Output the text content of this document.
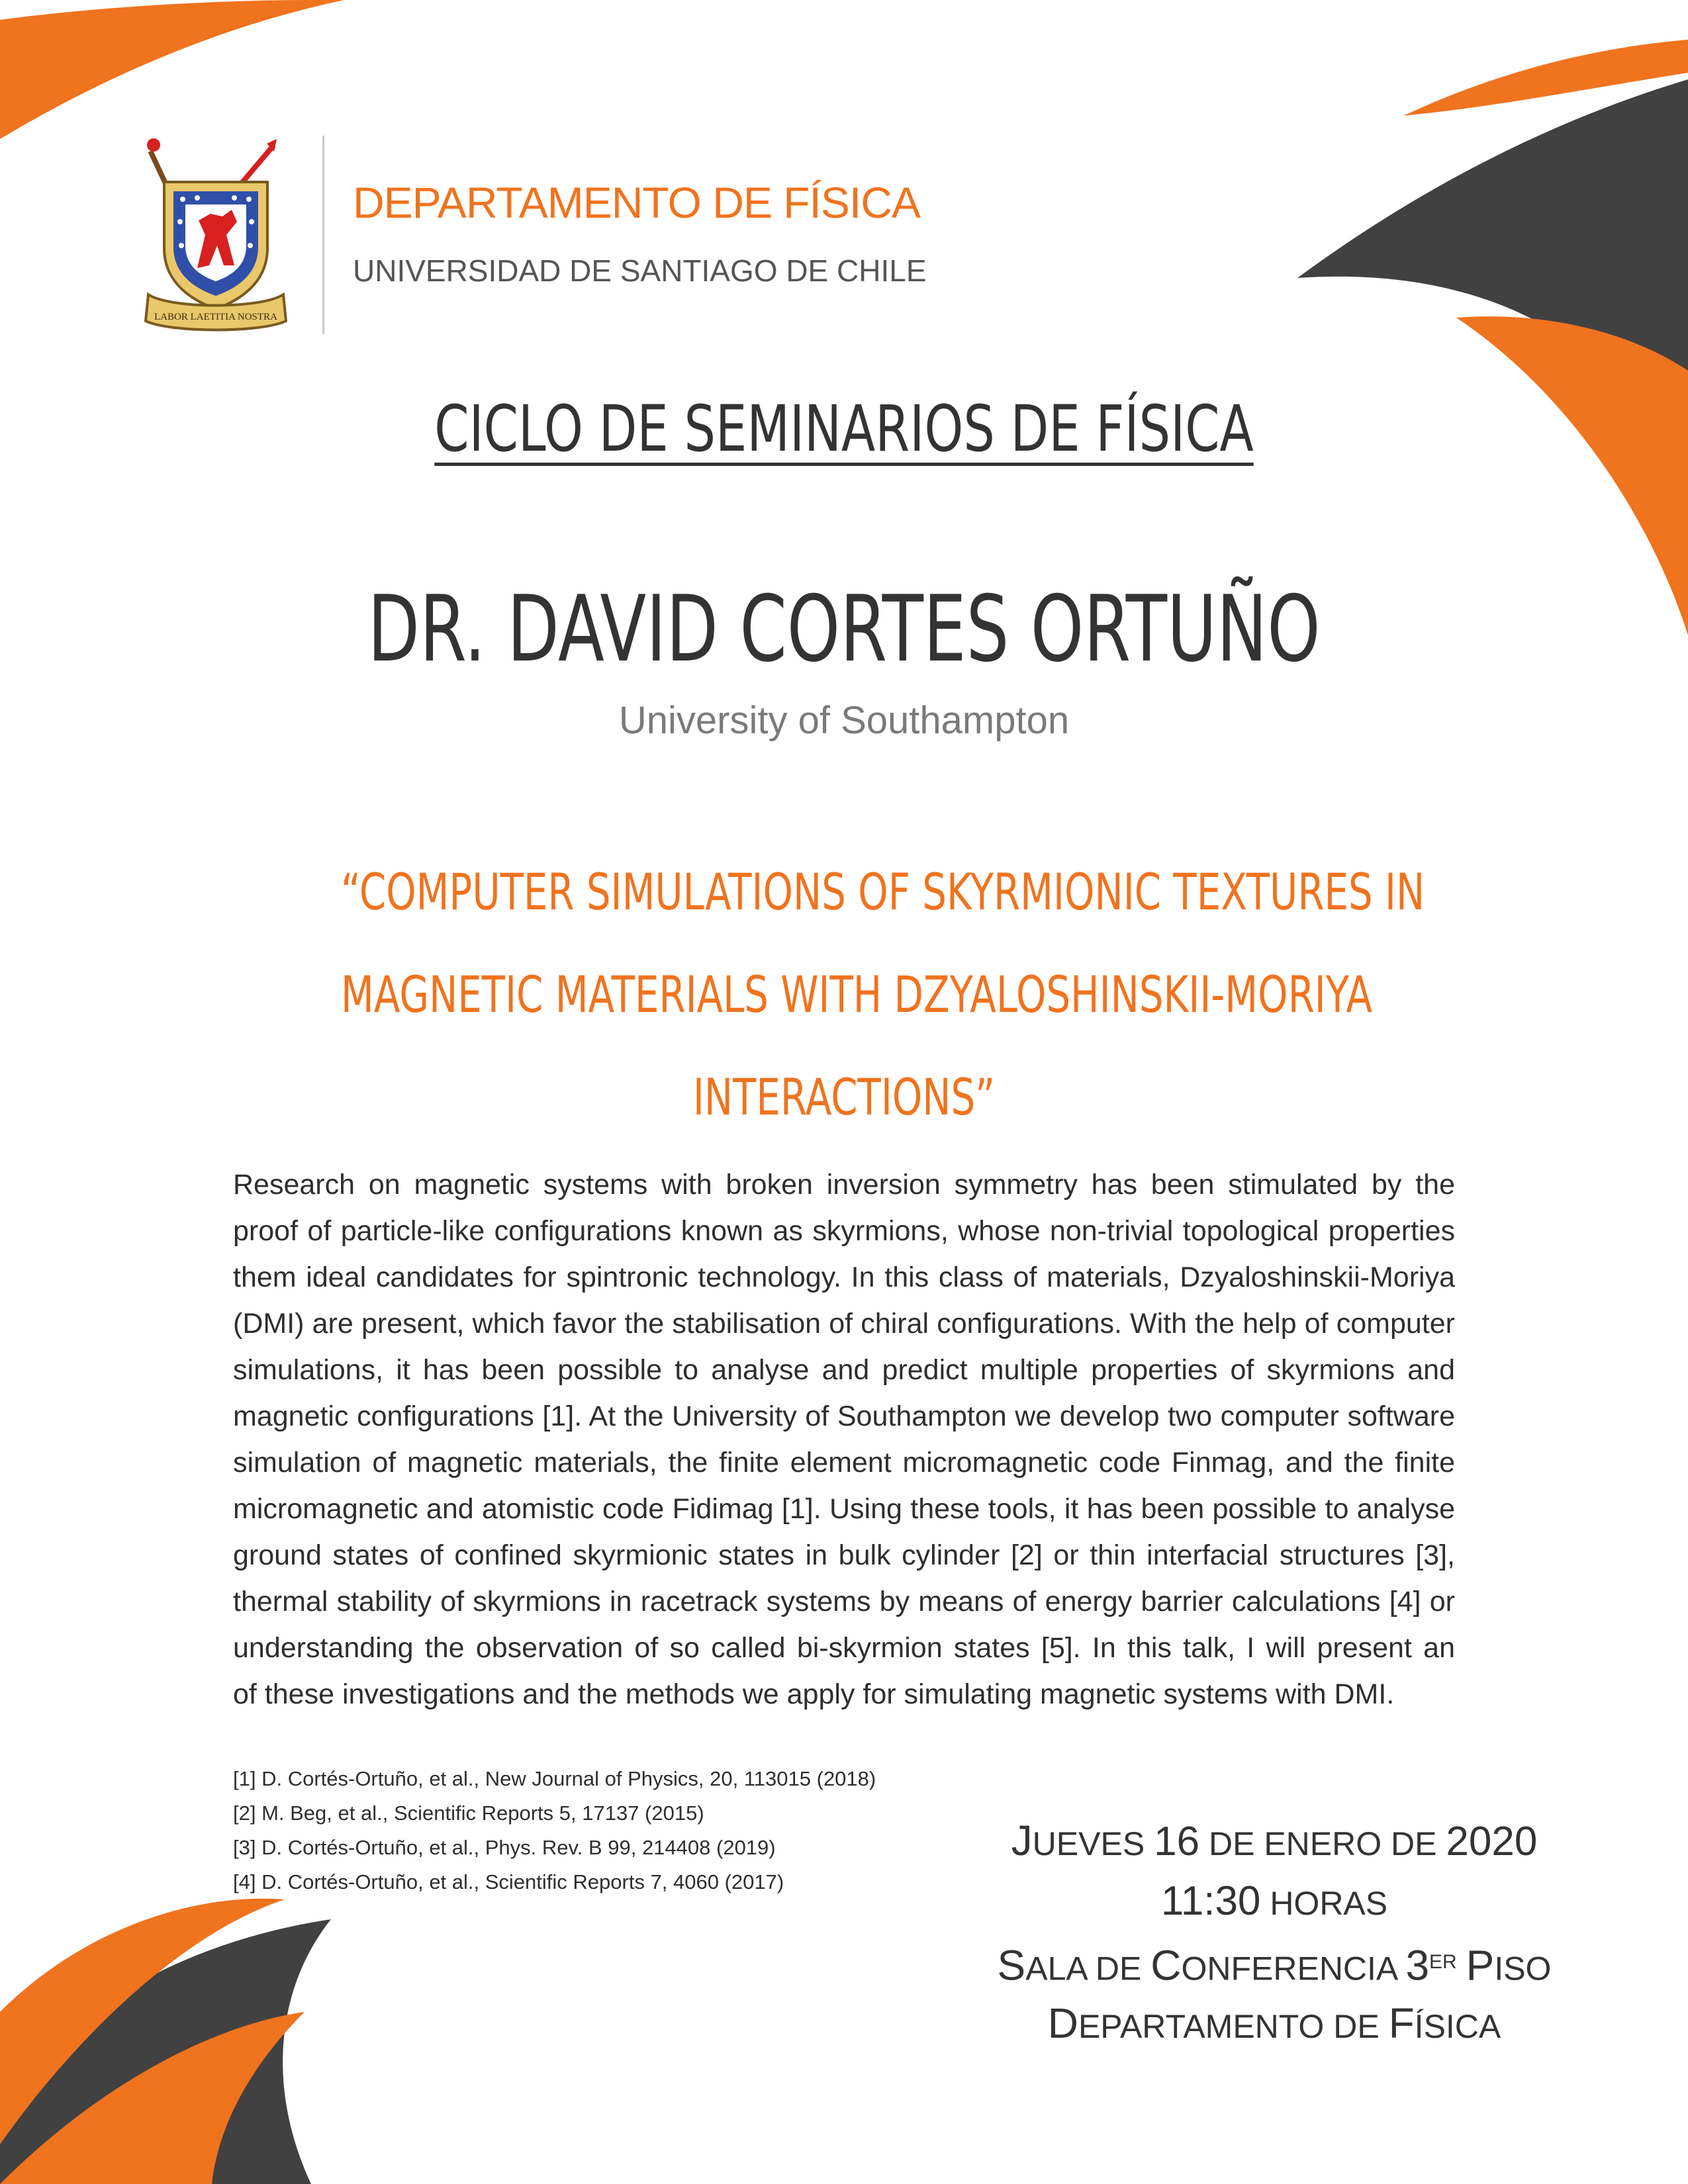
LABOR LAETITIA NOSTRA
DEPARTAMENTO DE FÍSICA
UNIVERSIDAD DE SANTIAGO DE CHILE
CICLO DE SEMINARIOS DE FÍSICA
DR. DAVID CORTES ORTUÑO
University of Southampton
“COMPUTER SIMULATIONS OF SKYRMIONIC TEXTURES IN
MAGNETIC MATERIALS WITH DZYALOSHINSKII-MORIYA
INTERACTIONS”
Research on magnetic systems with broken inversion symmetry has been stimulated by the
proof of particle-like configurations known as skyrmions, whose non-trivial topological properties
them ideal candidates for spintronic technology. In this class of materials, Dzyaloshinskii-Moriya
(DMI) are present, which favor the stabilisation of chiral configurations. With the help of computer
simulations, it has been possible to analyse and predict multiple properties of skyrmions and
magnetic configurations [1]. At the University of Southampton we develop two computer software
simulation of magnetic materials, the finite element micromagnetic code Finmag, and the finite
micromagnetic and atomistic code Fidimag [1]. Using these tools, it has been possible to analyse
ground states of confined skyrmionic states in bulk cylinder [2] or thin interfacial structures [3],
thermal stability of skyrmions in racetrack systems by means of energy barrier calculations [4] or
understanding the observation of so called bi-skyrmion states [5]. In this talk, I will present an
of these investigations and the methods we apply for simulating magnetic systems with DMI.
[1] D. Cortés-Ortuño, et al., New Journal of Physics, 20, 113015 (2018)
[2] M. Beg, et al., Scientific Reports 5, 17137 (2015)
[3] D. Cortés-Ortuño, et al., Phys. Rev. B 99, 214408 (2019)
[4] D. Cortés-Ortuño, et al., Scientific Reports 7, 4060 (2017)
JUEVES 16 DE ENERO DE 2020
11:30 HORAS
SALA DE CONFERENCIA 3ER PISO
DEPARTAMENTO DE FÍSICA
